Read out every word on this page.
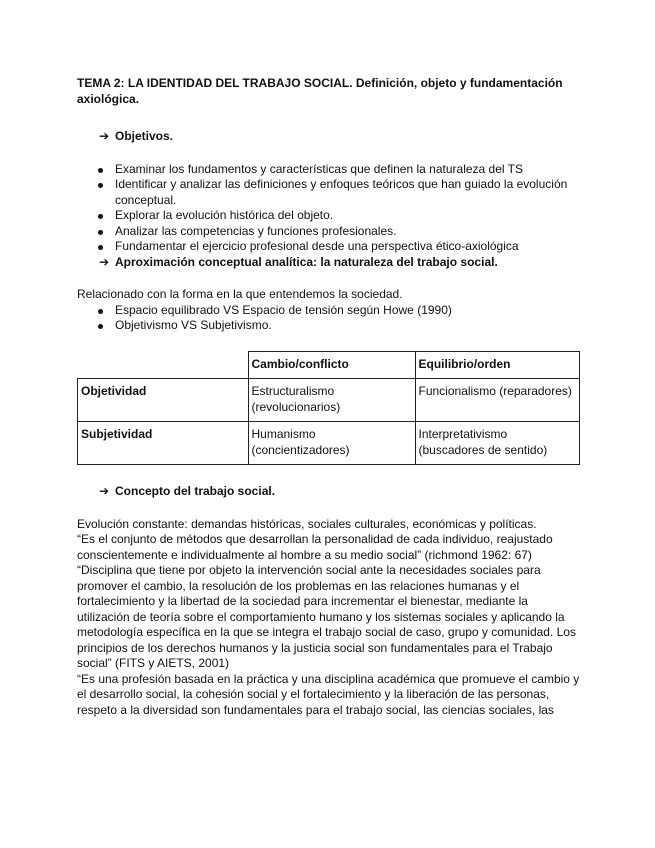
TEMA 2: LA IDENTIDAD DEL TRABAJO SOCIAL. Definición, objeto y fundamentación axiológica.
➔ Objetivos.
Examinar los fundamentos y características que definen la naturaleza del TS
Identificar y analizar las definiciones y enfoques teóricos que han guiado la evolución conceptual.
Explorar la evolución histórica del objeto.
Analizar las competencias y funciones profesionales.
Fundamentar el ejercicio profesional desde una perspectiva ético-axiológica
➔ Aproximación conceptual analítica: la naturaleza del trabajo social.

Relacionado con la forma en la que entendemos la sociedad.

Espacio equilibrado VS Espacio de tensión según Howe (1990)
Objetivismo VS Subjetivismo.
	Cambio/conflicto	Equilibrio/orden
Objetividad	Estructuralismo (revolucionarios)	Funcionalismo (reparadores)
Subjetividad	Humanismo (concientizadores)	Interpretativismo (buscadores de sentido)
➔ Concepto del trabajo social.

Evolución constante: demandas históricas, sociales culturales, económicas y políticas.

“Es el conjunto de métodos que desarrollan la personalidad de cada individuo, reajustado conscientemente e individualmente al hombre a su medio social” (richmond 1962: 67)

“Disciplina que tiene por objeto la intervención social ante la necesidades sociales para promover el cambio, la resolución de los problemas en las relaciones humanas y el fortalecimiento y la libertad de la sociedad para incrementar el bienestar, mediante la utilización de teoría sobre el comportamiento humano y los sistemas sociales y aplicando la metodología específica en la que se integra el trabajo social de caso, grupo y comunidad. Los principios de los derechos humanos y la justicia social son fundamentales para el Trabajo social” (FITS y AIETS, 2001)

“Es una profesión basada en la práctica y una disciplina académica que promueve el cambio y el desarrollo social, la cohesión social y el fortalecimiento y la liberación de las personas, respeto a la diversidad son fundamentales para el trabajo social, las ciencias sociales, las
